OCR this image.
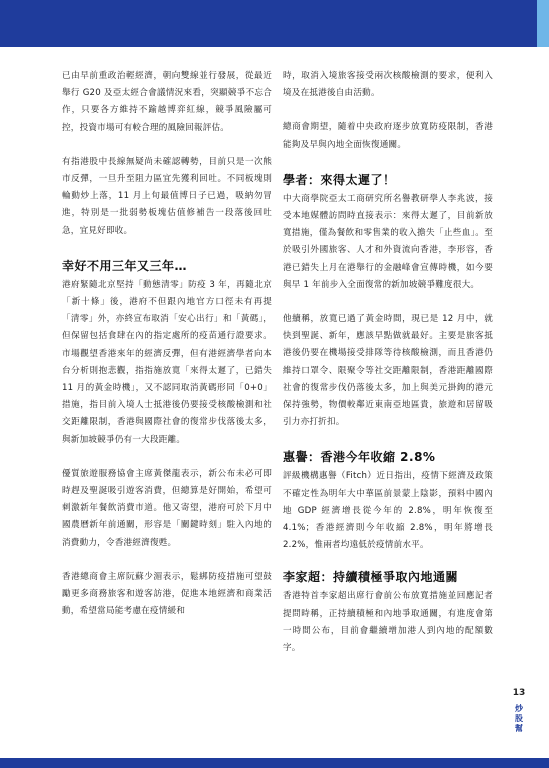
已由早前重政治輕經濟，朝向雙線並行發展，從最近舉行 G20 及亞太經合會議情況來看，突顯競爭不忘合作，只要各方維持不踰越博弈紅線，競爭風險屬可控，投資市場可有較合理的風險回報評估。

有指港股中長線無疑尚未確認轉勢，目前只是一次熊市反彈，一旦升至阻力區宜先獲利回吐。不同板塊則輪動炒上落，11 月上旬最值博日子已過，吸納勿冒進，特別是一批弱勢板塊估值修補告一段落後回吐急，宜見好即收。

幸好不用三年又三年…

港府緊隨北京堅持「動態清零」防疫 3 年，再隨北京「新十條」後，港府不但跟內地官方口徑未有再提「清零」外，亦終宣布取消「安心出行」和「黃碼」，但保留包括食肆在內的指定處所的疫苗通行證要求。市場觀望香港來年的經濟反彈，但有港經濟學者向本台分析則抱悲觀，指指施放寬「來得太遲了，已錯失 11 月的黃金時機」，又不認同取消黃碼形同「0+0」措施，指目前入境人士抵港後仍要接受核酸檢測和社交距離限制，香港與國際社會的復常步伐落後太多，與新加坡競爭仍有一大段距離。

優質旅遊服務協會主席黃傑龍表示，新公布未必可即時趕及聖誕吸引遊客消費，但總算是好開始，希望可刺激新年餐飲消費市道。他又寄望，港府可於下月中國農曆新年前通關，形容是「關鍵時刻」駐入內地的消費動力，令香港經濟復甦。

香港總商會主席阮蘇少湄表示，鬆綁防疫措施可望鼓勵更多商務旅客和遊客訪港，促進本地經濟和商業活動，希望當局能考慮在疫情緩和

時，取消入境旅客接受兩次核酸檢測的要求，便利入境及在抵港後自由活動。

總商會期望，隨着中央政府逐步放寬防疫限制，香港能夠及早與內地全面恢復通關。

學者：來得太遲了！

中大商學院亞太工商研究所名譽教研學人李兆波，接受本地媒體訪問時直接表示：來得太遲了，目前新放寬措施，僅為餐飲和零售業的收入擔失「止些血」。至於吸引外國旅客、人才和外資流向香港，李形容，香港已錯失上月在港舉行的金融峰會宣傳時機，如今要與早 1 年前步入全面復常的新加坡競爭難度很大。

他續稱，放寬已過了黃金時間，現已是 12 月中，就快到聖誕、新年，應該早點做就最好。主要是旅客抵港後仍要在機場接受排隊等待核酸檢測，而且香港仍維持口罩令、限聚令等社交距離限制，香港距離國際社會的復常步伐仍落後太多，加上與美元掛鉤的港元保持強勢，物價較鄰近東南亞地區貴，旅遊和居留吸引力亦打折扣。

惠譽：香港今年收縮 2.8%

評級機構惠譽（Fitch）近日指出，疫情下經濟及政策不確定性為明年大中華區前景蒙上陰影，預料中國內地 GDP 經濟增長從今年的 2.8%，明年恢復至 4.1%；香港經濟則今年收縮 2.8%，明年將增長 2.2%，惟兩者均遠低於疫情前水平。

李家超：持續積極爭取內地通關

香港特首李家超出席行會前公布放寬措施並回應記者提問時稱，正持續積極和內地爭取通關，有進度會第一時間公布，目前會繼續增加港人到內地的配額數字。

13
炒
股
幫
